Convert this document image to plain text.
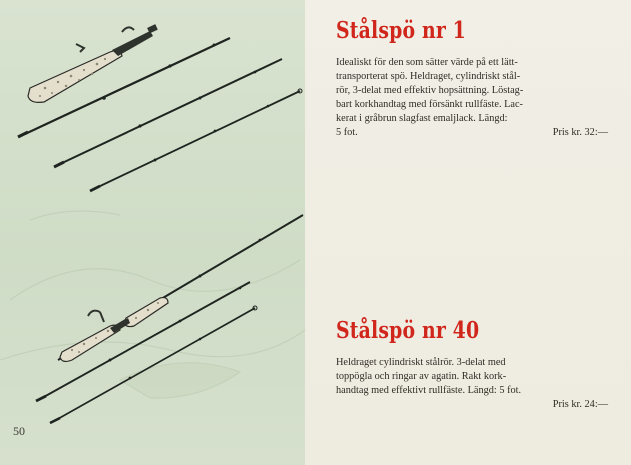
50
Stålspö nr 1

Idealiskt för den som sätter värde på ett lätt-
transporterat spö. Heldraget, cylindriskt stål-
rör, 3-delat med effektiv hopsättning. Löstag-
bart korkhandtag med försänkt rullfäste. Lac-
kerat i gråbrun slagfast emaljlack. Längd:

5 fot.	Pris kr. 32:—
Stålspö nr 40

Heldraget cylindriskt stålrör. 3-delat med
toppögla och ringar av agatin. Rakt kork-
handtag med effektivt rullfäste. Längd: 5 fot.

Pris kr. 24:—
